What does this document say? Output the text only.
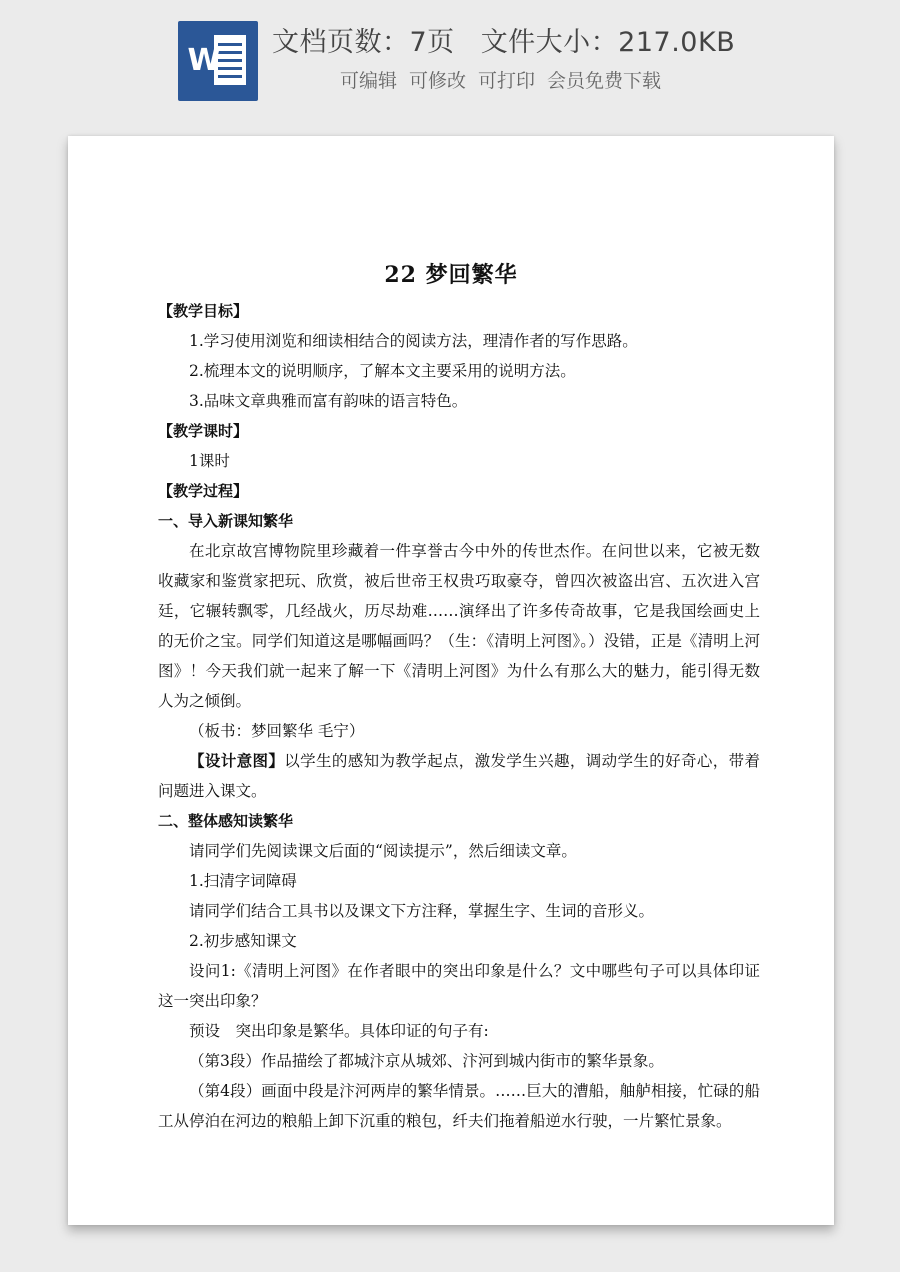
W
文档页数：7页 文件大小：217.0KB
可编辑 可修改 可打印 会员免费下载
22 梦回繁华

【教学目标】

1.学习使用浏览和细读相结合的阅读方法，理清作者的写作思路。

2.梳理本文的说明顺序，了解本文主要采用的说明方法。

3.品味文章典雅而富有韵味的语言特色。

【教学课时】

1课时

【教学过程】

一、导入新课知繁华

在北京故宫博物院里珍藏着一件享誉古今中外的传世杰作。在问世以来，它被无数收藏家和鉴赏家把玩、欣赏，被后世帝王权贵巧取豪夺，曾四次被盗出宫、五次进入宫廷，它辗转飘零，几经战火，历尽劫难……演绎出了许多传奇故事，它是我国绘画史上的无价之宝。同学们知道这是哪幅画吗？（生：《清明上河图》。）没错，正是《清明上河图》！今天我们就一起来了解一下《清明上河图》为什么有那么大的魅力，能引得无数人为之倾倒。

（板书：梦回繁华 毛宁）

【设计意图】以学生的感知为教学起点，激发学生兴趣，调动学生的好奇心，带着问题进入课文。

二、整体感知读繁华

请同学们先阅读课文后面的“阅读提示”，然后细读文章。

1.扫清字词障碍

请同学们结合工具书以及课文下方注释，掌握生字、生词的音形义。

2.初步感知课文

设问1:《清明上河图》在作者眼中的突出印象是什么？文中哪些句子可以具体印证这一突出印象？

预设　突出印象是繁华。具体印证的句子有:

（第3段）作品描绘了都城汴京从城郊、汴河到城内街市的繁华景象。

（第4段）画面中段是汴河两岸的繁华情景。……巨大的漕船，舳舻相接，忙碌的船工从停泊在河边的粮船上卸下沉重的粮包，纤夫们拖着船逆水行驶，一片繁忙景象。
